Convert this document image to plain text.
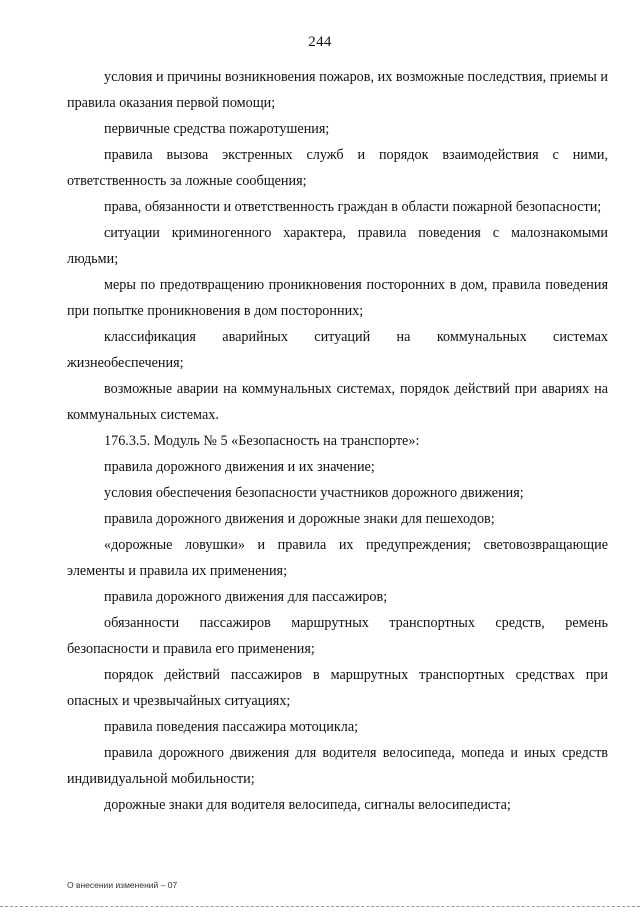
244

условия и причины возникновения пожаров, их возможные последствия, приемы и правила оказания первой помощи;

первичные средства пожаротушения;

правила вызова экстренных служб и порядок взаимодействия с ними, ответственность за ложные сообщения;

права, обязанности и ответственность граждан в области пожарной безопасности;

ситуации криминогенного характера, правила поведения с малознакомыми людьми;

меры по предотвращению проникновения посторонних в дом, правила поведения при попытке проникновения в дом посторонних;

классификация аварийных ситуаций на коммунальных системах жизнеобеспечения;

возможные аварии на коммунальных системах, порядок действий при авариях на коммунальных системах.

176.3.5. Модуль № 5 «Безопасность на транспорте»:

правила дорожного движения и их значение;

условия обеспечения безопасности участников дорожного движения;

правила дорожного движения и дорожные знаки для пешеходов;

«дорожные ловушки» и правила их предупреждения; световозвращающие элементы и правила их применения;

правила дорожного движения для пассажиров;

обязанности пассажиров маршрутных транспортных средств, ремень безопасности и правила его применения;

порядок действий пассажиров в маршрутных транспортных средствах при опасных и чрезвычайных ситуациях;

правила поведения пассажира мотоцикла;

правила дорожного движения для водителя велосипеда, мопеда и иных средств индивидуальной мобильности;

дорожные знаки для водителя велосипеда, сигналы велосипедиста;

О внесении изменений – 07
